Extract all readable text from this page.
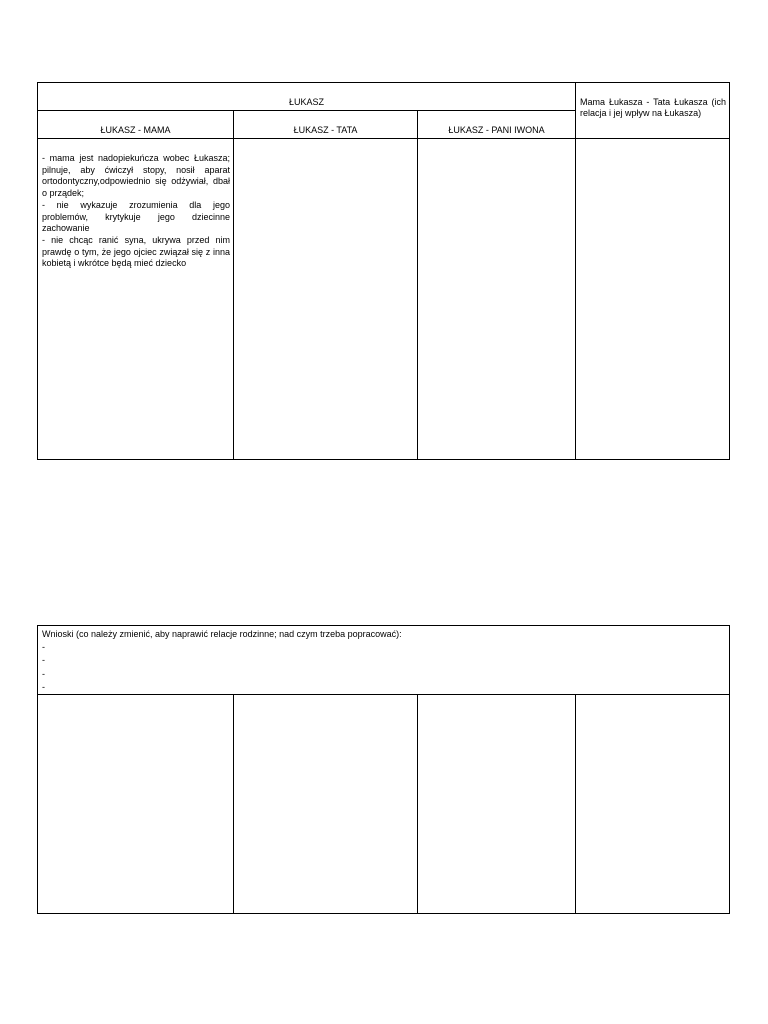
ŁUKASZ			Mama Łukasza - Tata Łukasza (ich relacja i jej wpływ na Łukasza)
ŁUKASZ - MAMA	ŁUKASZ - TATA	ŁUKASZ - PANI IWONA	

- mama jest nadopiekuńcza wobec Łukasza; pilnuje, aby ćwiczył stopy, nosił aparat ortodontyczny,odpowiednio się odżywiał, dbał o prządek;
- nie wykazuje zrozumienia dla jego problemów, krytykuje jego dziecinne zachowanie
- nie chcąc ranić syna, ukrywa przed nim prawdę o tym, że jego ojciec związał się z inna kobietą i wkrótce będą mieć dziecko			

Wnioski (co należy zmienić, aby naprawić relacje rodzinne; nad czym trzeba popracować):
-
-
-
-
